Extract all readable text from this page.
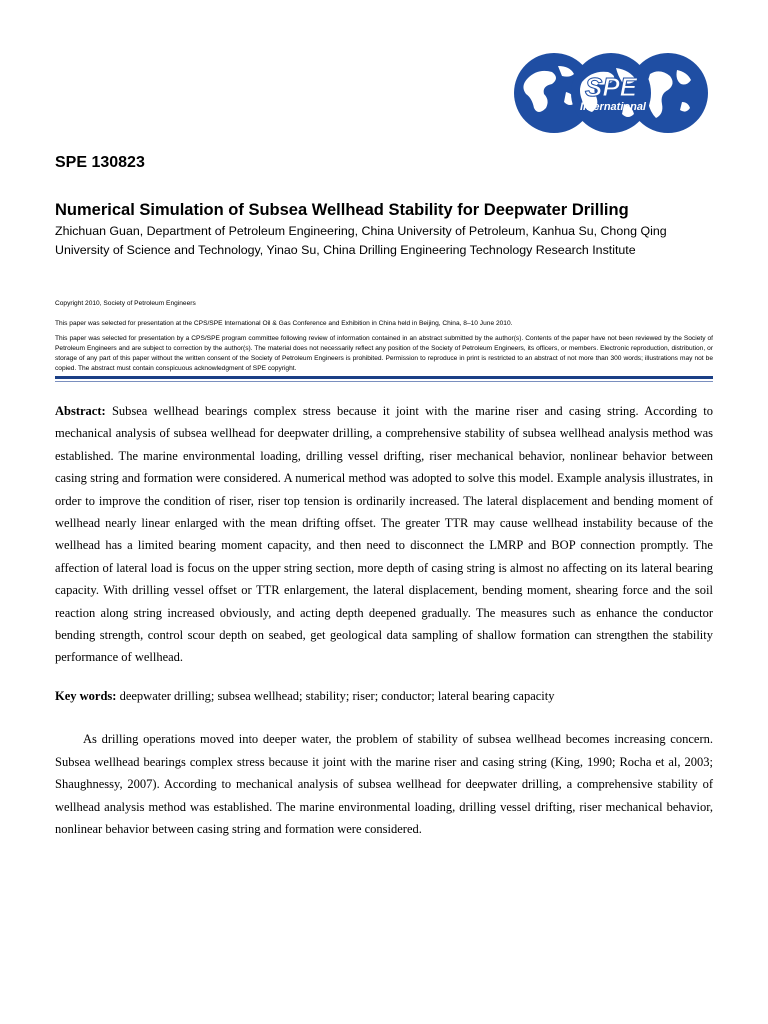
SPE
International
SPE 130823
Numerical Simulation of Subsea Wellhead Stability for Deepwater Drilling

Zhichuan Guan, Department of Petroleum Engineering, China University of Petroleum, Kanhua Su, Chong Qing University of Science and Technology, Yinao Su, China Drilling Engineering Technology Research Institute

Copyright 2010, Society of Petroleum Engineers

This paper was selected for presentation at the CPS/SPE International Oil & Gas Conference and Exhibition in China held in Beijing, China, 8–10 June 2010.

This paper was selected for presentation by a CPS/SPE program committee following review of information contained in an abstract submitted by the author(s). Contents of the paper have not been reviewed by the Society of Petroleum Engineers and are subject to correction by the author(s). The material does not necessarily reflect any position of the Society of Petroleum Engineers, its officers, or members. Electronic reproduction, distribution, or storage of any part of this paper without the written consent of the Society of Petroleum Engineers is prohibited. Permission to reproduce in print is restricted to an abstract of not more than 300 words; illustrations may not be copied. The abstract must contain conspicuous acknowledgment of SPE copyright.

Abstract: Subsea wellhead bearings complex stress because it joint with the marine riser and casing string. According to mechanical analysis of subsea wellhead for deepwater drilling, a comprehensive stability of subsea wellhead analysis method was established. The marine environmental loading, drilling vessel drifting, riser mechanical behavior, nonlinear behavior between casing string and formation were considered. A numerical method was adopted to solve this model. Example analysis illustrates, in order to improve the condition of riser, riser top tension is ordinarily increased. The lateral displacement and bending moment of wellhead nearly linear enlarged with the mean drifting offset. The greater TTR may cause wellhead instability because of the wellhead has a limited bearing moment capacity, and then need to disconnect the LMRP and BOP connection promptly. The affection of lateral load is focus on the upper string section, more depth of casing string is almost no affecting on its lateral bearing capacity. With drilling vessel offset or TTR enlargement, the lateral displacement, bending moment, shearing force and the soil reaction along string increased obviously, and acting depth deepened gradually. The measures such as enhance the conductor bending strength, control scour depth on seabed, get geological data sampling of shallow formation can strengthen the stability performance of wellhead.

Key words: deepwater drilling; subsea wellhead; stability; riser; conductor; lateral bearing capacity

As drilling operations moved into deeper water, the problem of stability of subsea wellhead becomes increasing concern. Subsea wellhead bearings complex stress because it joint with the marine riser and casing string (King, 1990; Rocha et al, 2003; Shaughnessy, 2007). According to mechanical analysis of subsea wellhead for deepwater drilling, a comprehensive stability of wellhead analysis method was established. The marine environmental loading, drilling vessel drifting, riser mechanical behavior, nonlinear behavior between casing string and formation were considered.
